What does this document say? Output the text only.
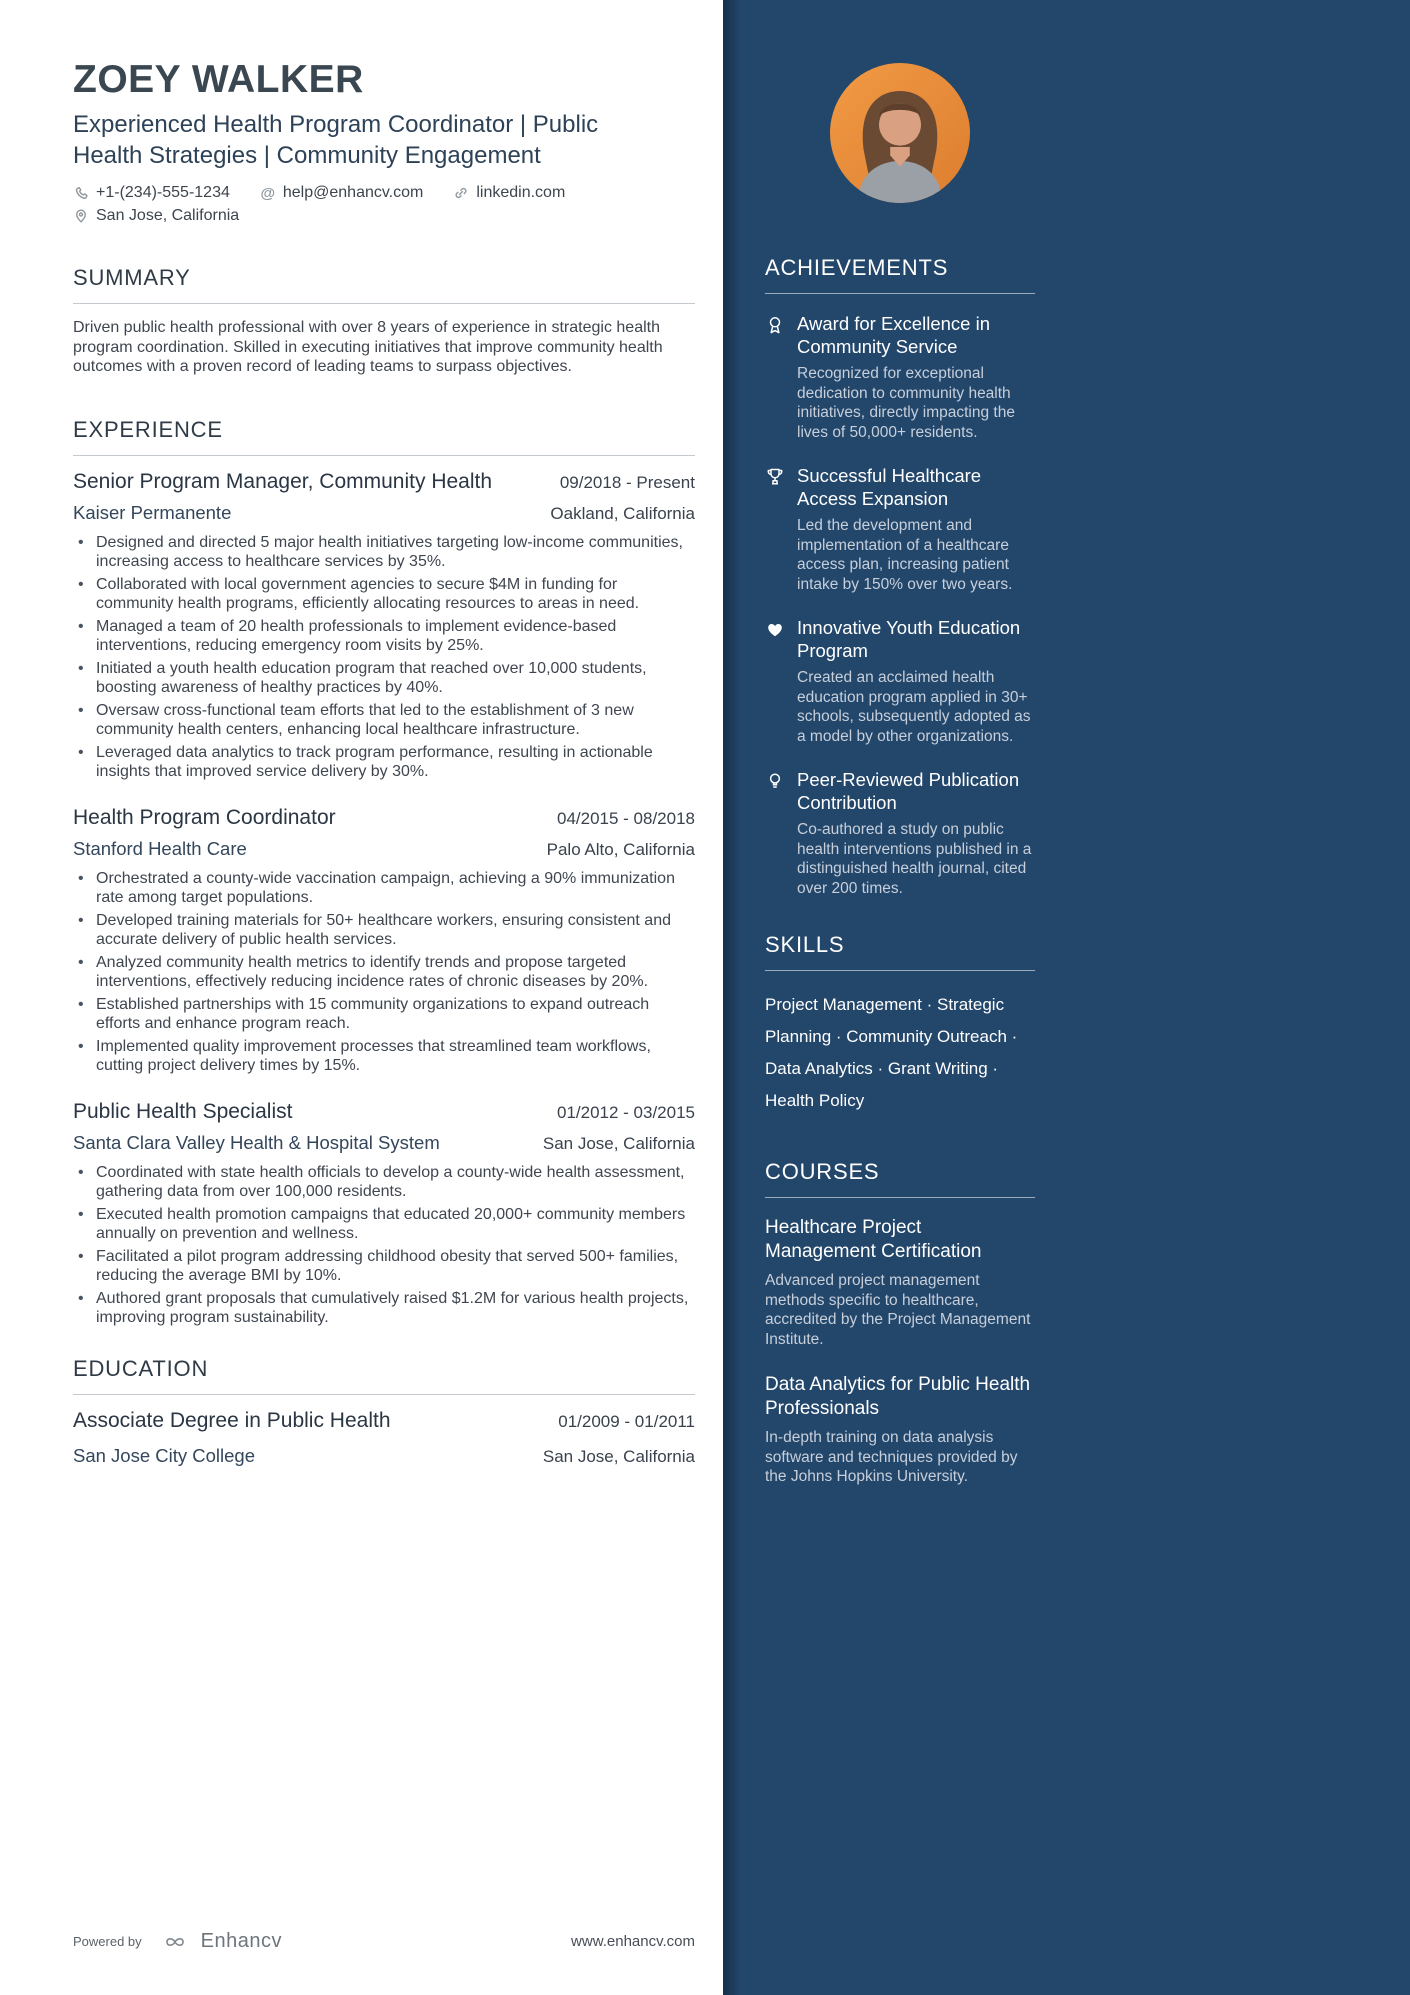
ZOEY WALKER
Experienced Health Program Coordinator | Public Health Strategies | Community Engagement
+1-(234)-555-1234 @ help@enhancv.com	linkedin.com
San Jose, California
SUMMARY

Driven public health professional with over 8 years of experience in strategic health program coordination. Skilled in executing initiatives that improve community health outcomes with a proven record of leading teams to surpass objectives.

EXPERIENCE
Senior Program Manager, Community Health	09/2018 - Present
Kaiser Permanente	Oakland, California
• Designed and directed 5 major health initiatives targeting low-income communities, increasing access to healthcare services by 35%.
• Collaborated with local government agencies to secure $4M in funding for community health programs, efficiently allocating resources to areas in need.
• Managed a team of 20 health professionals to implement evidence-based interventions, reducing emergency room visits by 25%.
• Initiated a youth health education program that reached over 10,000 students, boosting awareness of healthy practices by 40%.
• Oversaw cross-functional team efforts that led to the establishment of 3 new community health centers, enhancing local healthcare infrastructure.
• Leveraged data analytics to track program performance, resulting in actionable insights that improved service delivery by 30%.
Health Program Coordinator	04/2015 - 08/2018
Stanford Health Care	Palo Alto, California
• Orchestrated a county-wide vaccination campaign, achieving a 90% immunization rate among target populations.
• Developed training materials for 50+ healthcare workers, ensuring consistent and accurate delivery of public health services.
• Analyzed community health metrics to identify trends and propose targeted interventions, effectively reducing incidence rates of chronic diseases by 20%.
• Established partnerships with 15 community organizations to expand outreach efforts and enhance program reach.
• Implemented quality improvement processes that streamlined team workflows, cutting project delivery times by 15%.
Public Health Specialist	01/2012 - 03/2015
Santa Clara Valley Health & Hospital System	San Jose, California
• Coordinated with state health officials to develop a county-wide health assessment, gathering data from over 100,000 residents.
• Executed health promotion campaigns that educated 20,000+ community members annually on prevention and wellness.
• Facilitated a pilot program addressing childhood obesity that served 500+ families, reducing the average BMI by 10%.
• Authored grant proposals that cumulatively raised $1.2M for various health projects, improving program sustainability.
EDUCATION
Associate Degree in Public Health	01/2009 - 01/2011
San Jose City College	San Jose, California
Powered by	Enhancv	www.enhancv.com
ACHIEVEMENTS
Award for Excellence in Community Service
Recognized for exceptional dedication to community health initiatives, directly impacting the lives of 50,000+ residents.
Successful Healthcare Access Expansion
Led the development and implementation of a healthcare access plan, increasing patient intake by 150% over two years.
Innovative Youth Education Program
Created an acclaimed health education program applied in 30+ schools, subsequently adopted as a model by other organizations.
Peer-Reviewed Publication Contribution
Co-authored a study on public health interventions published in a distinguished health journal, cited over 200 times.
SKILLS
Project Management · Strategic Planning · Community Outreach · Data Analytics · Grant Writing · Health Policy
COURSES
Healthcare Project Management Certification
Advanced project management methods specific to healthcare, accredited by the Project Management Institute.
Data Analytics for Public Health Professionals
In-depth training on data analysis software and techniques provided by the Johns Hopkins University.
